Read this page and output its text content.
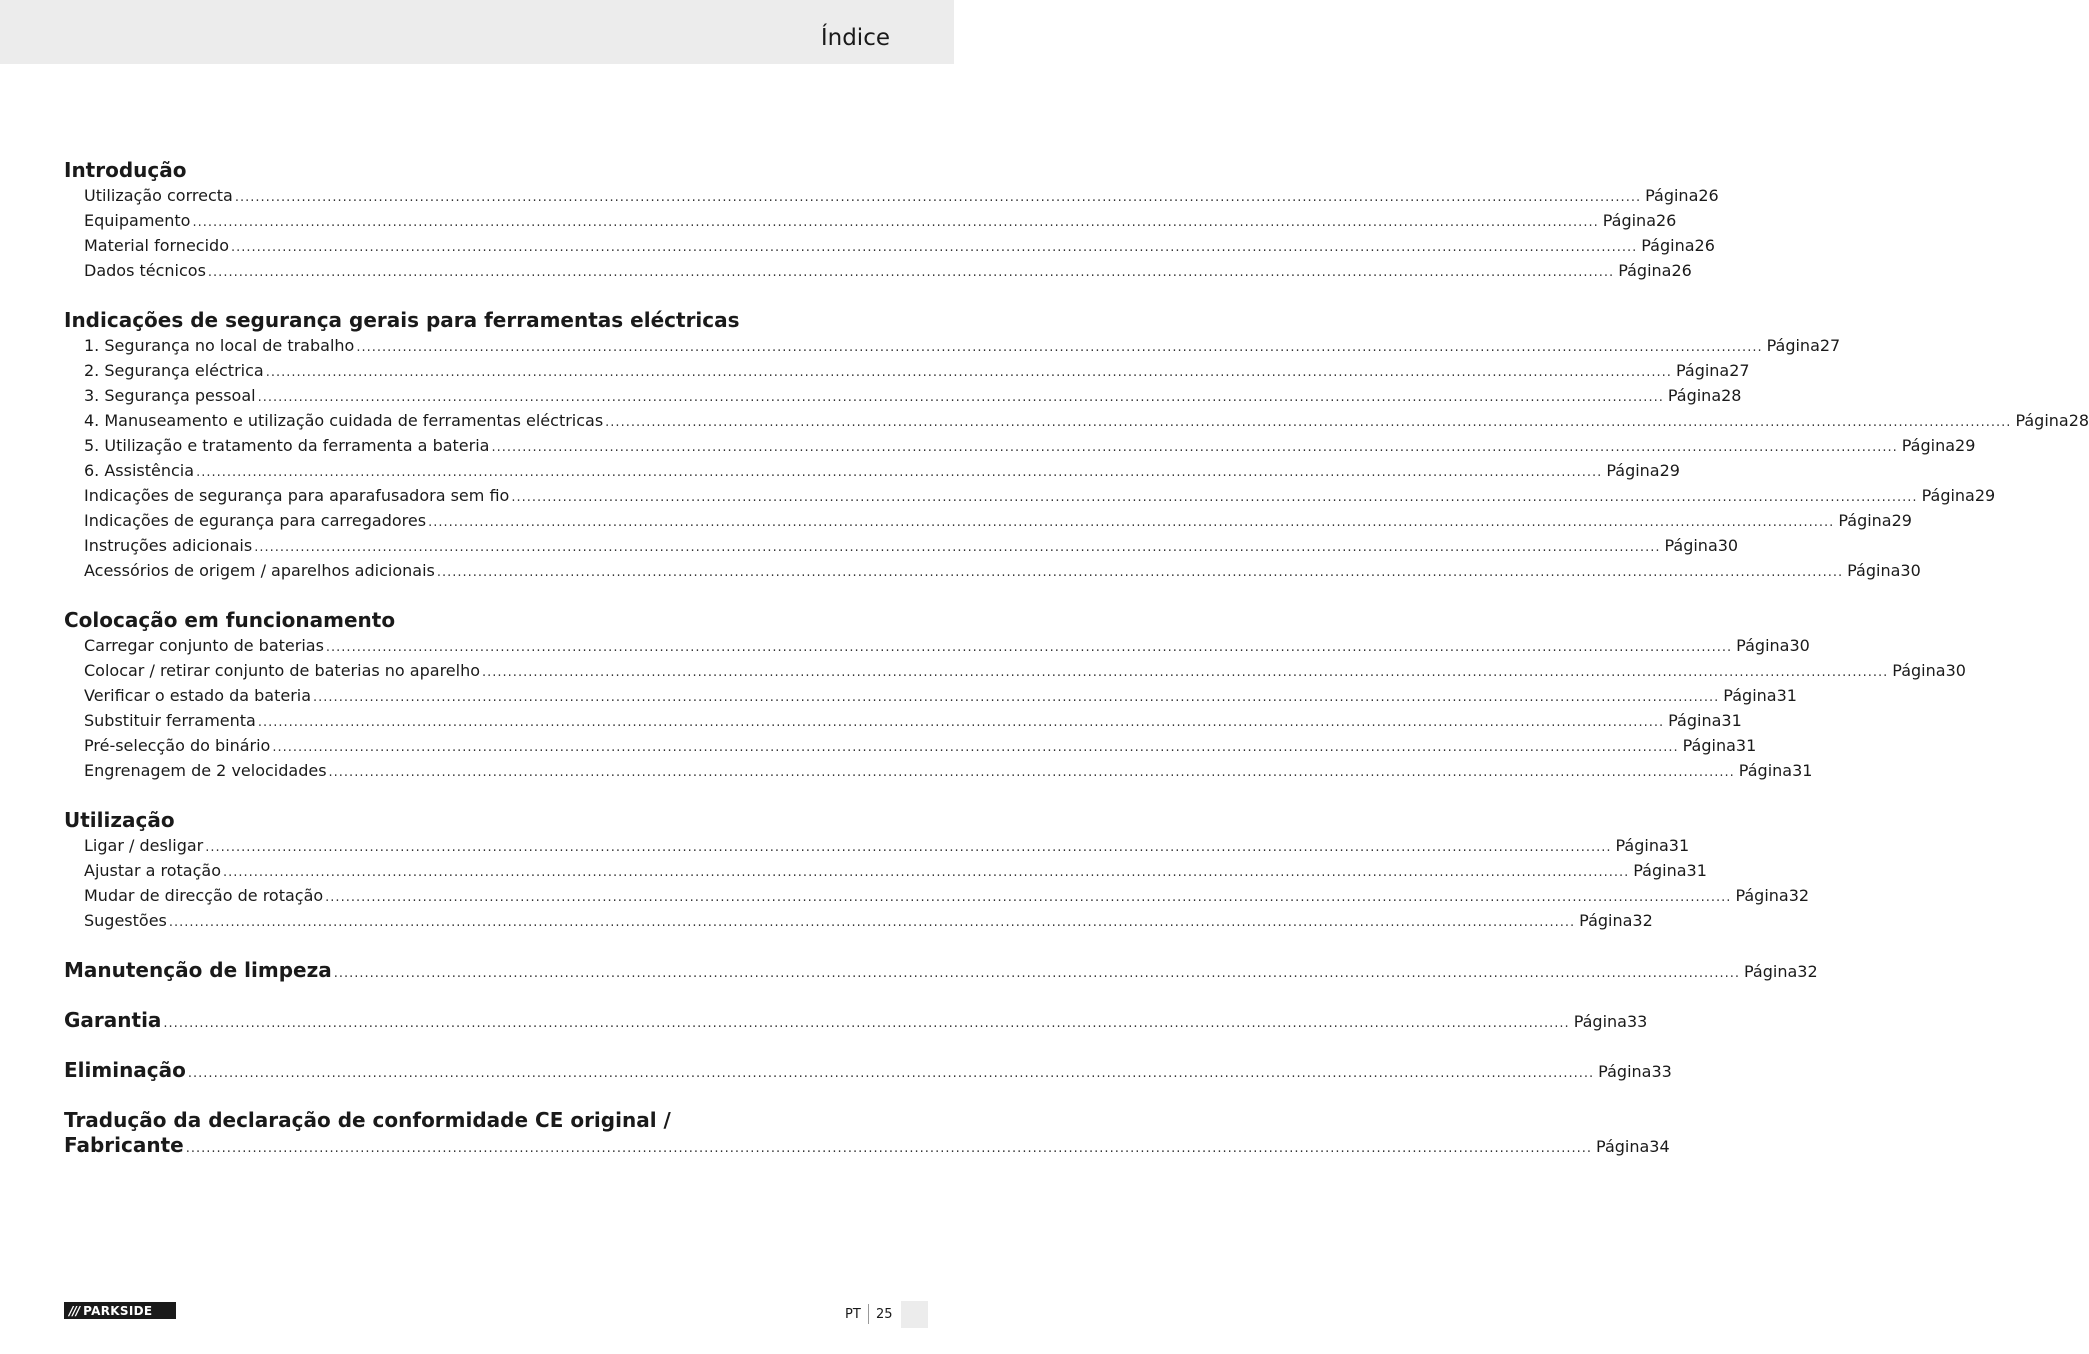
Índice
Introdução
Utilização correcta .................................................................................................................................................................................................................................................................................. Página 26
Equipamento .................................................................................................................................................................................................................................................................................. Página 26
Material fornecido .................................................................................................................................................................................................................................................................................. Página 26
Dados técnicos .................................................................................................................................................................................................................................................................................. Página 26
Indicações de segurança gerais para ferramentas eléctricas
1. Segurança no local de trabalho .................................................................................................................................................................................................................................................................................. Página 27
2. Segurança eléctrica .................................................................................................................................................................................................................................................................................. Página 27
3. Segurança pessoal .................................................................................................................................................................................................................................................................................. Página 28
4. Manuseamento e utilização cuidada de ferramentas eléctricas .................................................................................................................................................................................................................................................................................. Página 28
5. Utilização e tratamento da ferramenta a bateria .................................................................................................................................................................................................................................................................................. Página 29
6. Assistência .................................................................................................................................................................................................................................................................................. Página 29
Indicações de segurança para aparafusadora sem fio .................................................................................................................................................................................................................................................................................. Página 29
Indicações de egurança para carregadores .................................................................................................................................................................................................................................................................................. Página 29
Instruções adicionais .................................................................................................................................................................................................................................................................................. Página 30
Acessórios de origem / aparelhos adicionais .................................................................................................................................................................................................................................................................................. Página 30
Colocação em funcionamento
Carregar conjunto de baterias .................................................................................................................................................................................................................................................................................. Página 30
Colocar / retirar conjunto de baterias no aparelho .................................................................................................................................................................................................................................................................................. Página 30
Verificar o estado da bateria .................................................................................................................................................................................................................................................................................. Página 31
Substituir ferramenta .................................................................................................................................................................................................................................................................................. Página 31
Pré-selecção do binário .................................................................................................................................................................................................................................................................................. Página 31
Engrenagem de 2 velocidades .................................................................................................................................................................................................................................................................................. Página 31
Utilização
Ligar / desligar .................................................................................................................................................................................................................................................................................. Página 31
Ajustar a rotação .................................................................................................................................................................................................................................................................................. Página 31
Mudar de direcção de rotação .................................................................................................................................................................................................................................................................................. Página 32
Sugestões .................................................................................................................................................................................................................................................................................. Página 32
Manutenção de limpeza .................................................................................................................................................................................................................................................................................. Página 32
Garantia .................................................................................................................................................................................................................................................................................. Página 33
Eliminação .................................................................................................................................................................................................................................................................................. Página 33
Tradução da declaração de conformidade CE original /
Fabricante .................................................................................................................................................................................................................................................................................. Página 34
/// PARKSIDE	PT 25
